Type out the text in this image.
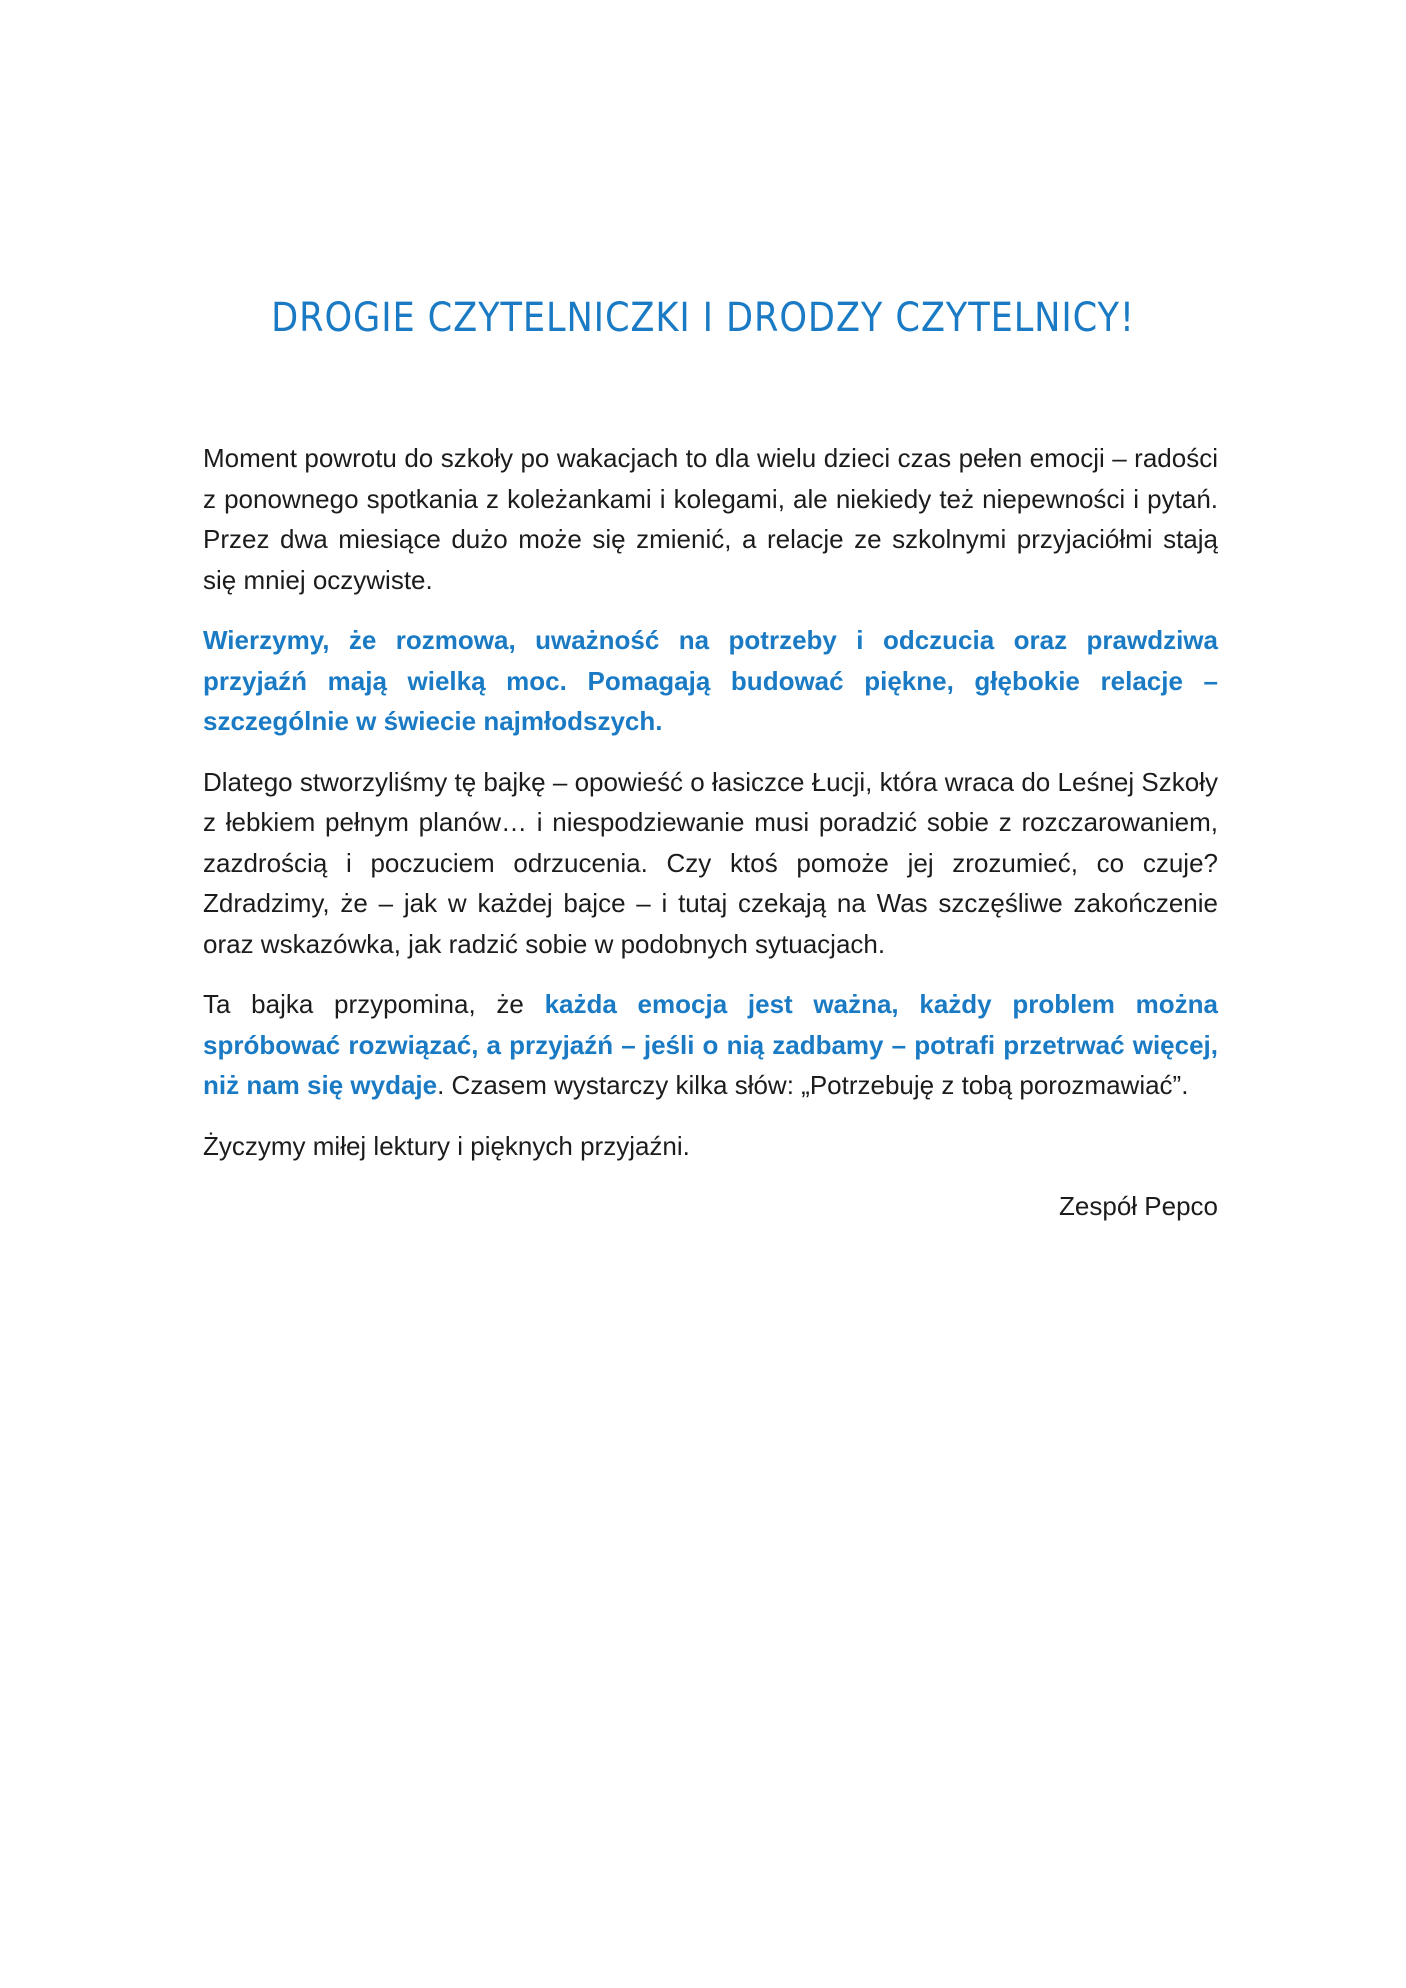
DROGIE CZYTELNICZKI I DRODZY CZYTELNICY!

Moment powrotu do szkoły po wakacjach to dla wielu dzieci czas pełen emocji – radości z ponownego spotkania z koleżankami i kolegami, ale niekiedy też niepewności i pytań. Przez dwa miesiące dużo może się zmienić, a relacje ze szkolnymi przyjaciółmi stają się mniej oczywiste.

Wierzymy, że rozmowa, uważność na potrzeby i odczucia oraz prawdziwa przyjaźń mają wielką moc. Pomagają budować piękne, głębokie relacje – szczególnie w świecie najmłodszych.

Dlatego stworzyliśmy tę bajkę – opowieść o łasiczce Łucji, która wraca do Leśnej Szkoły z łebkiem pełnym planów… i niespodziewanie musi poradzić sobie z rozczarowaniem, zazdrością i poczuciem odrzucenia. Czy ktoś pomoże jej zrozumieć, co czuje? Zdradzimy, że – jak w każdej bajce – i tutaj czekają na Was szczęśliwe zakończenie oraz wskazówka, jak radzić sobie w podobnych sytuacjach.

Ta bajka przypomina, że każda emocja jest ważna, każdy problem można spróbować rozwiązać, a przyjaźń – jeśli o nią zadbamy – potrafi przetrwać więcej, niż nam się wydaje. Czasem wystarczy kilka słów: „Potrzebuję z tobą porozmawiać”.

Życzymy miłej lektury i pięknych przyjaźni.

Zespół Pepco
